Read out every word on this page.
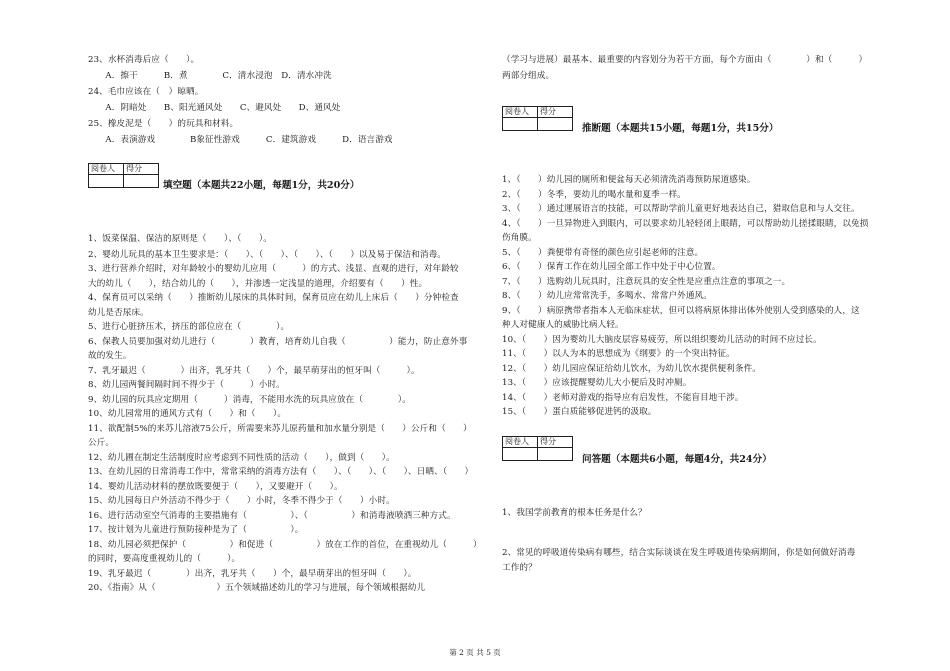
23、水杯消毒后应（　　）。
　　A．擦干　　　B．煮　　　　C．清水浸泡　D．清水冲洗
24、毛巾应该在（　）晾晒。
　　A．阴暗处　　B、阳光通风处　　C、避风处　　D、通风处
25、橡皮泥是（　　）的玩具和材料。
　　A．表演游戏　　　　B象征性游戏　　　C．建筑游戏　　　D．语言游戏
阅卷人	得分

填空题（本题共22小题，每题1分，共20分）
1、饭菜保温、保洁的原则是（　　）、（　　）。
2、婴幼儿玩具的基本卫生要求是：（　　）、（　　）、（　　）、（　　）以及易于保洁和消毒。
3、进行营养介绍时，对年龄较小的婴幼儿应用（　　　）的方式、浅显、直观的进行，对年龄较
大的幼儿（　　），结合幼儿的（　　），并渗透一定浅显的道理，介绍要有（　　）性。
4、保育员可以采纳（　　）推断幼儿尿床的具体时间，保育员应在幼儿上床后（　　）分钟检查
幼儿是否尿床。
5、进行心脏挤压术，挤压的部位应在（　　　　）。
6、保教人员要加强对幼儿进行（　　　　）教育，培育幼儿自我（　　　　　）能力，防止意外事
故的发生。
7、乳牙最迟（　　　　）出齐，乳牙共（　　）个，最早萌芽出的恒牙叫（　　　）。
8、幼儿园两餐间隔时间不得少于（　　　）小时。
9、幼儿园的玩具应定期用（　　　）消毒，不能用水洗的玩具应放在（　　　　）。
10、幼儿园常用的通风方式有（　　）和（　　）。
11、欲配制5%的来苏儿溶液75公斤，所需要来苏儿原药量和加水量分别是（　　）公斤和（　　）
公斤。
12、幼儿圃在制定生活制度时应考虑到不同性质的活动（　　），做到（　　）。
13、在幼儿园的日常消毒工作中，常常采纳的消毒方法有（　　）、（　　）、（　　）、日晒、（　　）
14、婴幼儿活动材料的摆放既要便于（　　），又要避开（　　）。
15、幼儿园每日户外活动不得少于（　　）小时，冬季不得少于（　　）小时。
16、进行活动室空气消毒的主要措施有（　　　　　）、（　　　　　）和消毒液喷洒三种方式。
17、按计划为儿童进行预防接种是为了（　　　　　）。
18、幼儿园必须把保护（　　　　　）和促进（　　　　　）放在工作的首位，在重视幼儿（　　　）
的同时，要高度重视幼儿的（　　　）。
19、乳牙最迟（　　　　）出齐，乳牙共（　　）个，最早萌芽出的恒牙叫（　　）。
20、《指南》从（　　　　　　　）五个领域描述幼儿的学习与进展，每个领域根据幼儿
（学习与进展）最基本、最重要的内容划分为若干方面，每个方面由（　　　　）和（　　　）
两部分组成。
阅卷人	得分

推断题（本题共15小题，每题1分，共15分）
1、（　　）幼儿园的厕所和便盆每天必须清洗消毒预防尿道感染。
2、（　　）冬季，要幼儿的喝水量和夏季一样。
3、（　　）通过運展语言的技能，可以帮助学前儿童更好地表达自己，猎取信息和与人交往。
4、（　　）一旦异物进入到眼内，可以要求幼儿轻轻闭上眼睛，可以帮助幼儿搓揉眼睛，以免损
伤角膜。
5、（　　）粪便带有奇怪的颜色应引起老师的注意。
6、（　　）保育工作在幼儿园全部工作中处于中心位置。
7、（　　）选购幼儿玩具时，注意玩具的安全性是应重点注意的事项之一。
8、（　　）幼儿应常常洗手，多喝水、常常户外通风。
9、（　　）病原携带者指本人无临床症状，但可以将病原体排出体外使别人受到感染的人，这
种人对健康人的威胁比病人轻。
10、（　　）因为婴幼儿大脑皮层容易疲劳，所以组织婴幼儿活动的时间不应过长。
11、（　　）以人为本的思想成为《纲要》的一个突出特征。
12、（　　）幼儿园应保证给幼儿饮水，为幼儿饮水提供便利条件。
13、（　　）应该提醒婴幼儿大小便后及时冲厕。
14、（　　）老师对游戏的指导应有启发性，不能盲目地干涉。
15、（　　）蛋白质能够促进钙的汲取。
阅卷人	得分

问答题（本题共6小题，每题4分，共24分）
1、我国学前教育的根本任务是什么？
2、常见的呼吸道传染病有哪些，结合实际谈谈在发生呼吸道传染病期间，你是如何做好消毒
工作的？
第 2 页 共 5 页
